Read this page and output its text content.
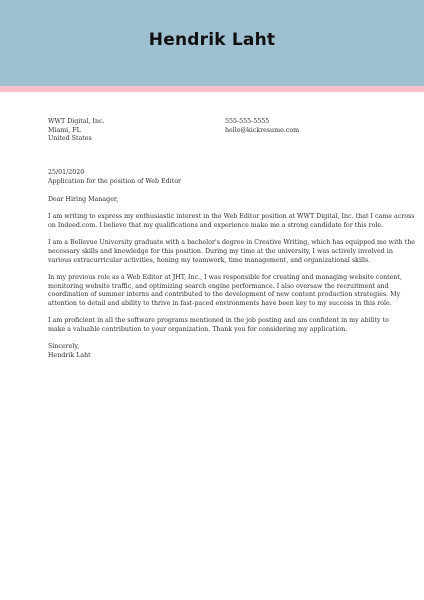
Hendrik Laht
WWT Digital, Inc.
Miami, FL
United States
555-555-5555
hello@kickresume.com
25/01/2020
Application for the position of Web Editor
Dear Hiring Manager,
I am writing to express my enthusiastic interest in the Web Editor position at WWT Digital, Inc. that I came across
on Indeed.com. I believe that my qualifications and experience make me a strong candidate for this role.
I am a Bellevue University graduate with a bachelor's degree in Creative Writing, which has equipped me with the
necessary skills and knowledge for this position. During my time at the university, I was actively involved in
various extracurricular activities, honing my teamwork, time management, and organizational skills.
In my previous role as a Web Editor at JHT, Inc., I was responsible for creating and managing website content,
monitoring website traffic, and optimizing search engine performance. I also oversaw the recruitment and
coordination of summer interns and contributed to the development of new content production strategies. My
attention to detail and ability to thrive in fast-paced environments have been key to my success in this role.
I am proficient in all the software programs mentioned in the job posting and am confident in my ability to
make a valuable contribution to your organization. Thank you for considering my application.
Sincerely,
Hendrik Laht
